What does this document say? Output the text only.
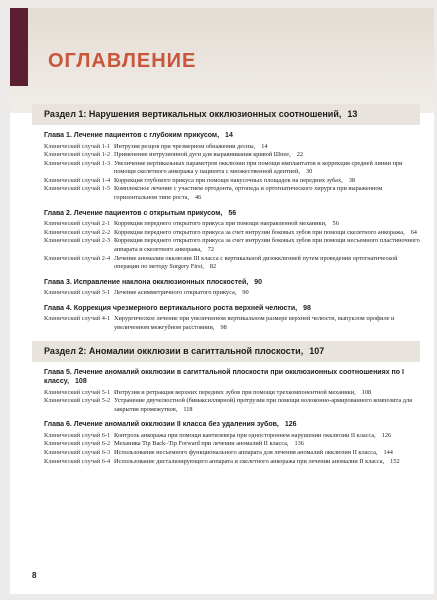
ОГЛАВЛЕНИЕ
Раздел 1: Нарушения вертикальных окклюзионных соотношений, 13
Глава 1. Лечение пациентов с глубоким прикусом, 14
Клинический случай 1-1 Интрузия резцов при чрезмерном обнажении десны, 14
Клинический случай 1-2 Применение интрузионной дуги для выравнивания кривой Шпее, 22
Клинический случай 1-3 Увеличение вертикальных параметров окклюзии при помощи имплантатов и коррекция средней линии при помощи скелетного анкоража у пациента с множественной адентией, 30
Клинический случай 1-4 Коррекция глубокого прикуса при помощи накусочных площадок на передних зубах, 38
Клинический случай 1-5 Комплексное лечение с участием ортодонта, ортопеда и ортогнатического хирурга при выраженном горизонтальном типе роста, 46
Глава 2. Лечение пациентов с открытым прикусом, 56
Клинический случай 2-1 Коррекция переднего открытого прикуса при помощи направленной механики, 56
Клинический случай 2-2 Коррекция переднего открытого прикуса за счет интрузии боковых зубов при помощи скелетного анкоража, 64
Клинический случай 2-3 Коррекция переднего открытого прикуса за счет интрузии боковых зубов при помощи несъемного пластиночного аппарата и скелетного анкоража, 72
Клинический случай 2-4 Лечение аномалии окклюзии III класса с вертикальной дизокклюзией путем проведения ортогнатической операции по методу Surgery First, 82
Глава 3. Исправление наклона окклюзионных плоскостей, 90
Клинический случай 3-1 Лечение асимметричного открытого прикуса, 90
Глава 4. Коррекция чрезмерного вертикального роста верхней челюсти, 98
Клинический случай 4-1 Хирургическое лечение при увеличенном вертикальном размере верхней челюсти, выпуклом профиле и увеличенном межгубном расстоянии, 98
Раздел 2: Аномалии окклюзии в сагиттальной плоскости, 107
Глава 5. Лечение аномалий окклюзии в сагиттальной плоскости при окклюзионных соотношениях по I классу, 108
Клинический случай 5-1 Интрузия и ретракция верхних передних зубов при помощи трехкомпонентной механики, 108
Клинический случай 5-2 Устранение двучелюстной (бимаксиллярной) протрузии при помощи волоконно-армированного композита для закрытия промежутков, 118
Глава 6. Лечение аномалий окклюзии II класса без удаления зубов, 126
Клинический случай 6-1 Контроль анкоража при помощи кантилевера при одностороннем нарушении окклюзии II класса, 126
Клинический случай 6-2 Механика Tip Back–Tip Forward при лечении аномалий II класса, 136
Клинический случай 6-3 Использование несъемного функционального аппарата для лечения аномалий окклюзии II класса, 144
Клинический случай 6-4 Использование дистализирующего аппарата и скелетного анкоража при лечении аномалии II класса, 152
8
